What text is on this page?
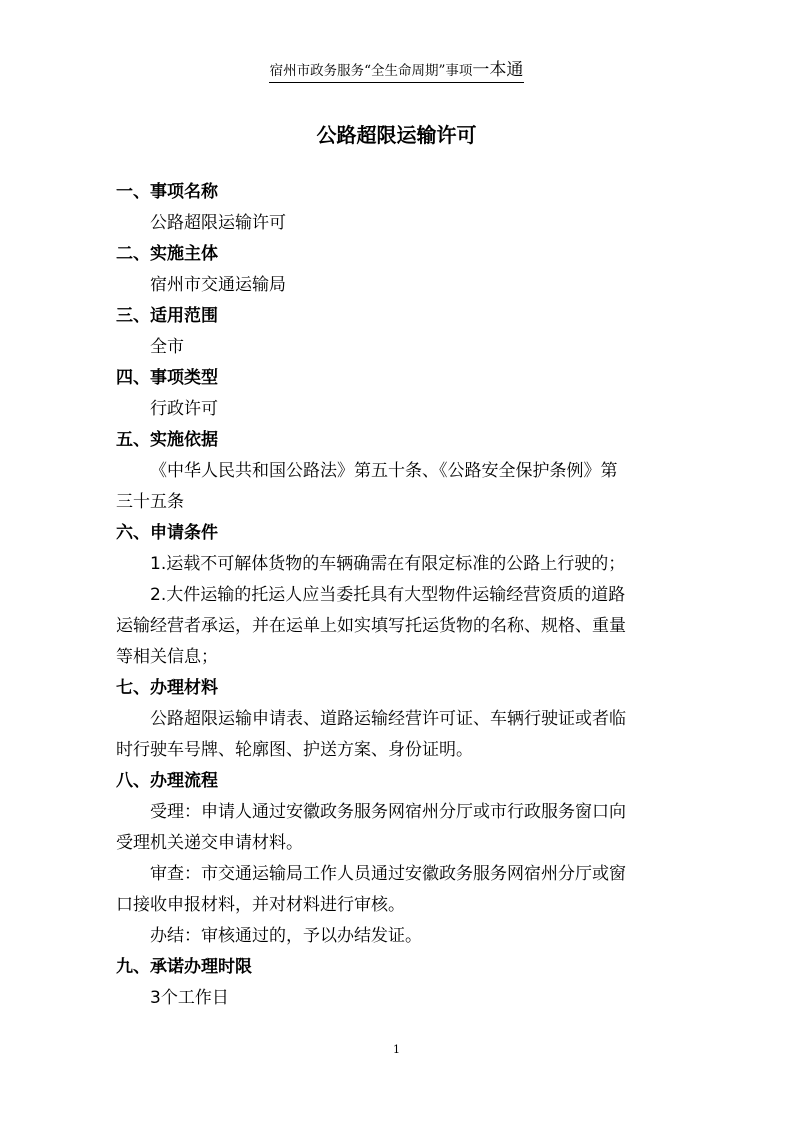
宿州市政务服务“全生命周期”事项一本通
公路超限运输许可
一、事项名称
公路超限运输许可
二、实施主体
宿州市交通运输局
三、适用范围
全市
四、事项类型
行政许可
五、实施依据
《中华人民共和国公路法》第五十条、《公路安全保护条例》第
三十五条
六、申请条件
1.运载不可解体货物的车辆确需在有限定标准的公路上行驶的；
2.大件运输的托运人应当委托具有大型物件运输经营资质的道路
运输经营者承运，并在运单上如实填写托运货物的名称、规格、重量
等相关信息；
七、办理材料
公路超限运输申请表、道路运输经营许可证、车辆行驶证或者临
时行驶车号牌、轮廓图、护送方案、身份证明。
八、办理流程
受理：申请人通过安徽政务服务网宿州分厅或市行政服务窗口向
受理机关递交申请材料。
审查：市交通运输局工作人员通过安徽政务服务网宿州分厅或窗
口接收申报材料，并对材料进行审核。
办结：审核通过的，予以办结发证。
九、承诺办理时限
3个工作日
1
